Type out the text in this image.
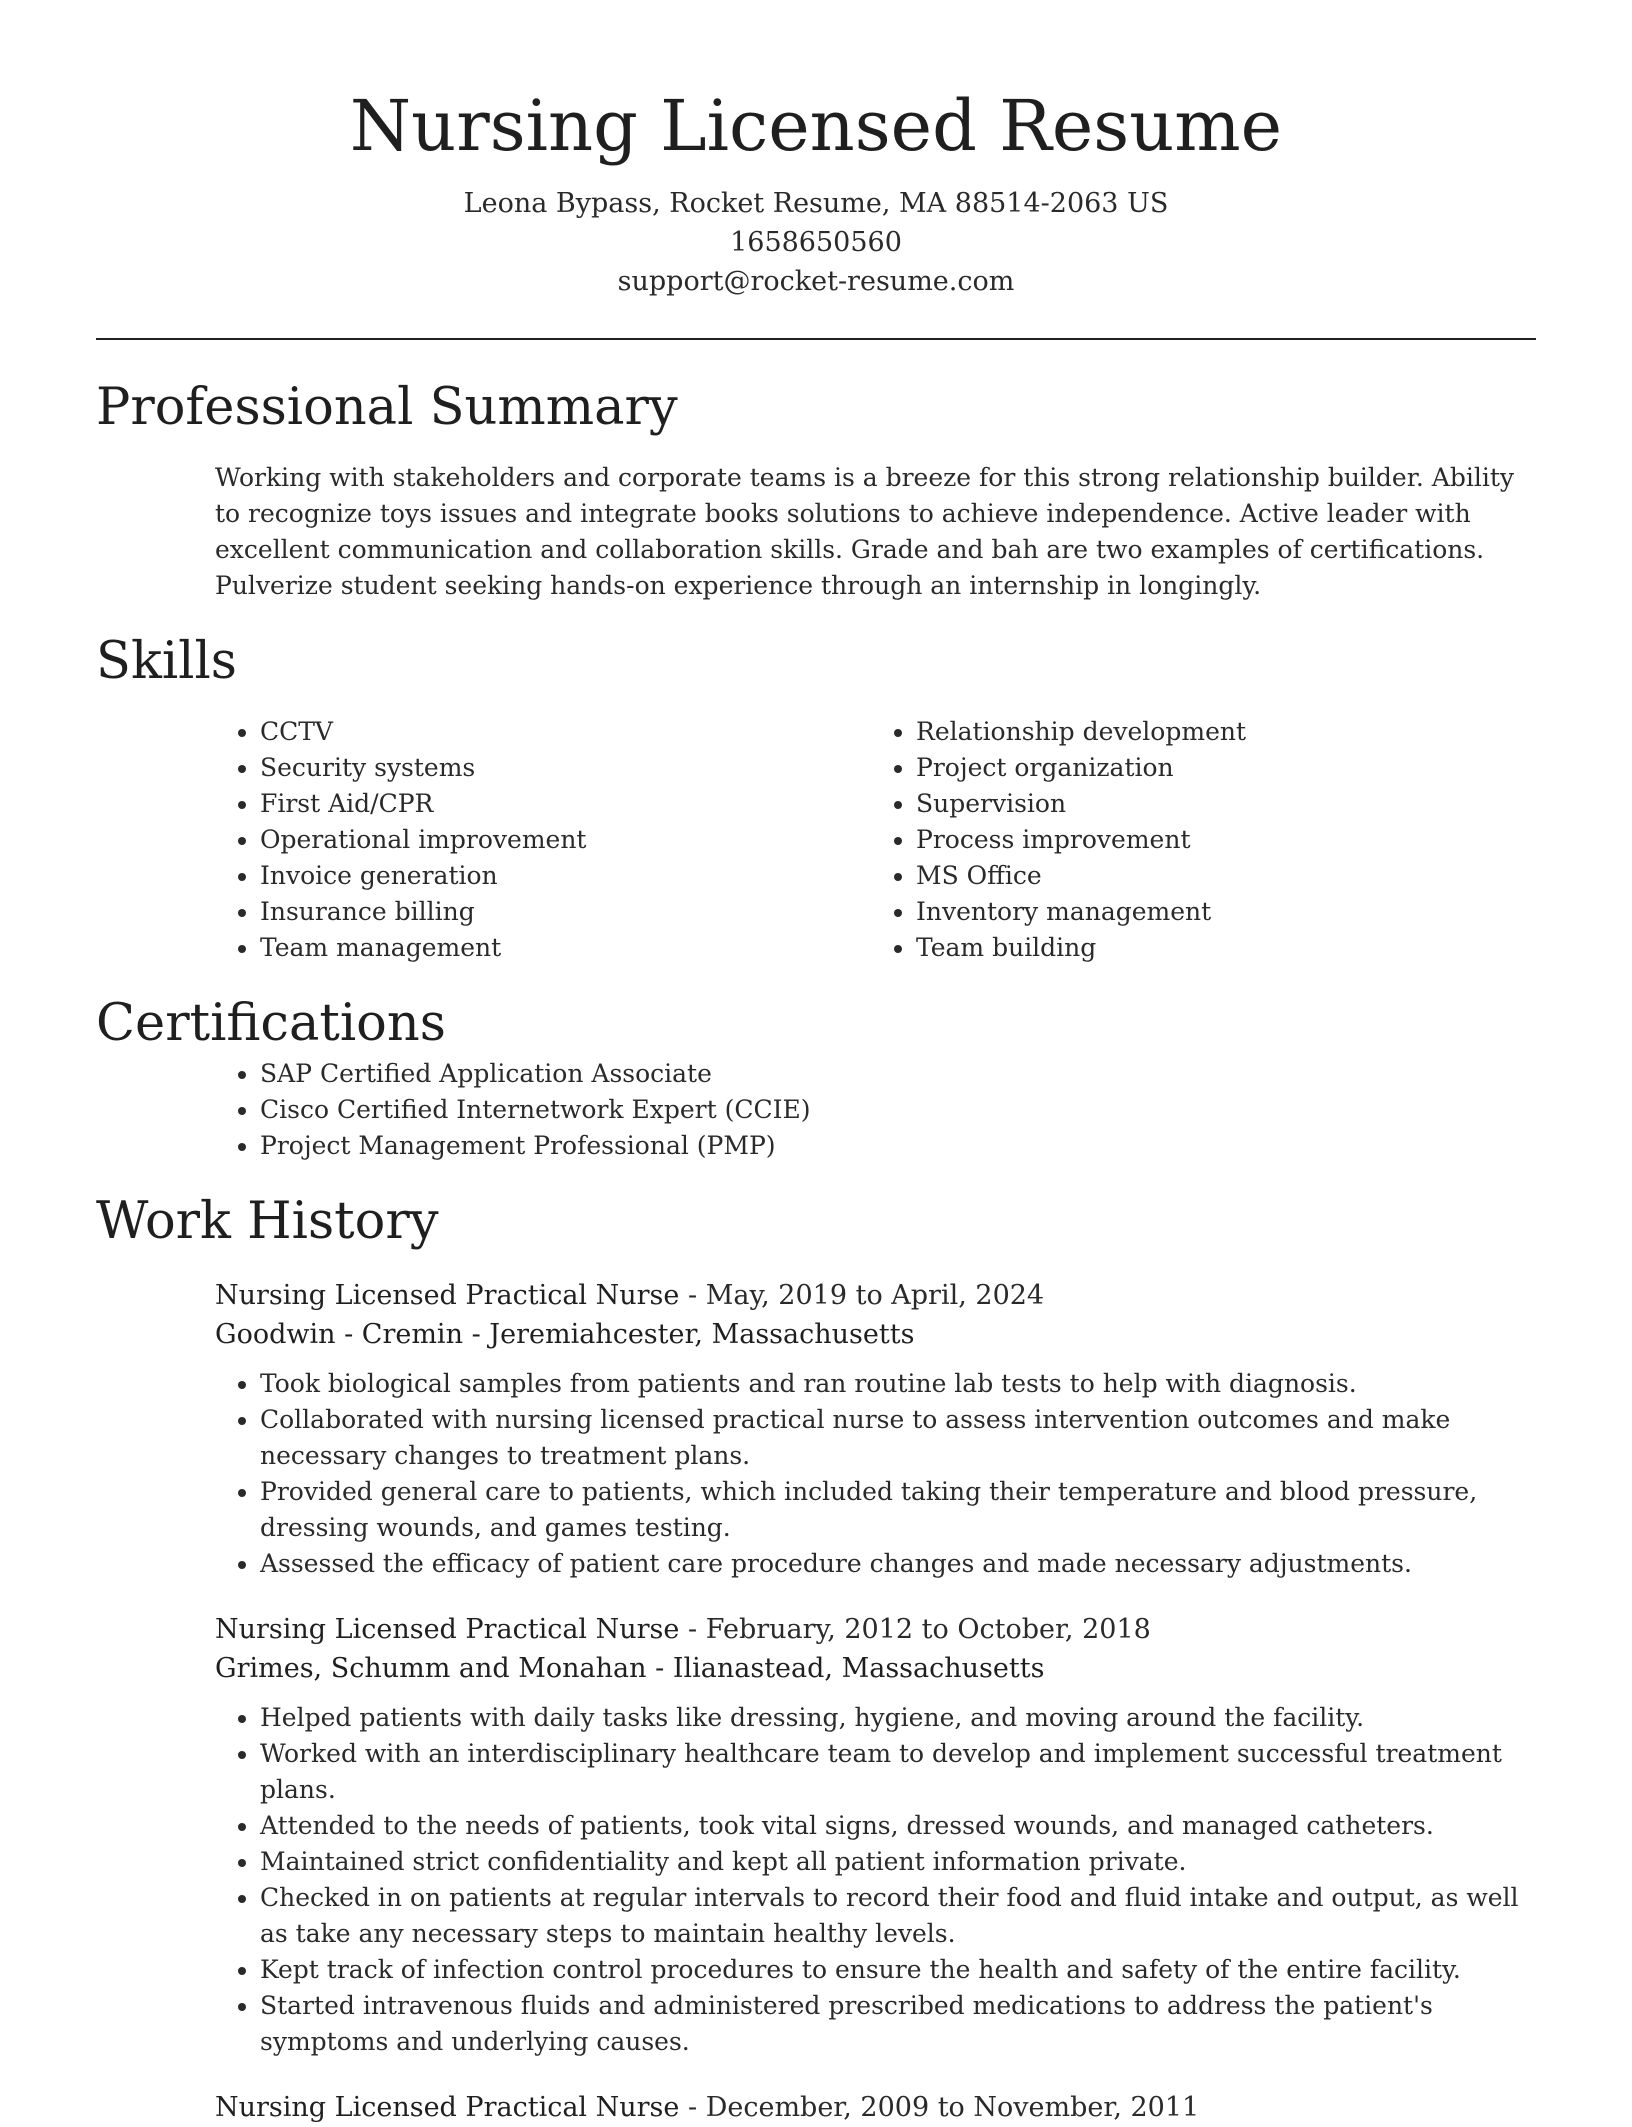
Nursing Licensed Resume
Leona Bypass, Rocket Resume, MA 88514-2063 US
1658650560
support@rocket-resume.com
Professional Summary

Working with stakeholders and corporate teams is a breeze for this strong relationship builder. Ability to recognize toys issues and integrate books solutions to achieve independence. Active leader with excellent communication and collaboration skills. Grade and bah are two examples of certifications. Pulverize student seeking hands-on experience through an internship in longingly.

Skills
• CCTV
• Security systems
• First Aid/CPR
• Operational improvement
• Invoice generation
• Insurance billing
• Team management
• Relationship development
• Project organization
• Supervision
• Process improvement
• MS Office
• Inventory management
• Team building
Certifications
• SAP Certified Application Associate
• Cisco Certified Internetwork Expert (CCIE)
• Project Management Professional (PMP)
Work History
Nursing Licensed Practical Nurse - May, 2019 to April, 2024
Goodwin - Cremin - Jeremiahcester, Massachusetts
• Took biological samples from patients and ran routine lab tests to help with diagnosis.
• Collaborated with nursing licensed practical nurse to assess intervention outcomes and make necessary changes to treatment plans.
• Provided general care to patients, which included taking their temperature and blood pressure, dressing wounds, and games testing.
• Assessed the efficacy of patient care procedure changes and made necessary adjustments.
Nursing Licensed Practical Nurse - February, 2012 to October, 2018
Grimes, Schumm and Monahan - Ilianastead, Massachusetts
• Helped patients with daily tasks like dressing, hygiene, and moving around the facility.
• Worked with an interdisciplinary healthcare team to develop and implement successful treatment plans.
• Attended to the needs of patients, took vital signs, dressed wounds, and managed catheters.
• Maintained strict confidentiality and kept all patient information private.
• Checked in on patients at regular intervals to record their food and fluid intake and output, as well as take any necessary steps to maintain healthy levels.
• Kept track of infection control procedures to ensure the health and safety of the entire facility.
• Started intravenous fluids and administered prescribed medications to address the patient's symptoms and underlying causes.
Nursing Licensed Practical Nurse - December, 2009 to November, 2011
